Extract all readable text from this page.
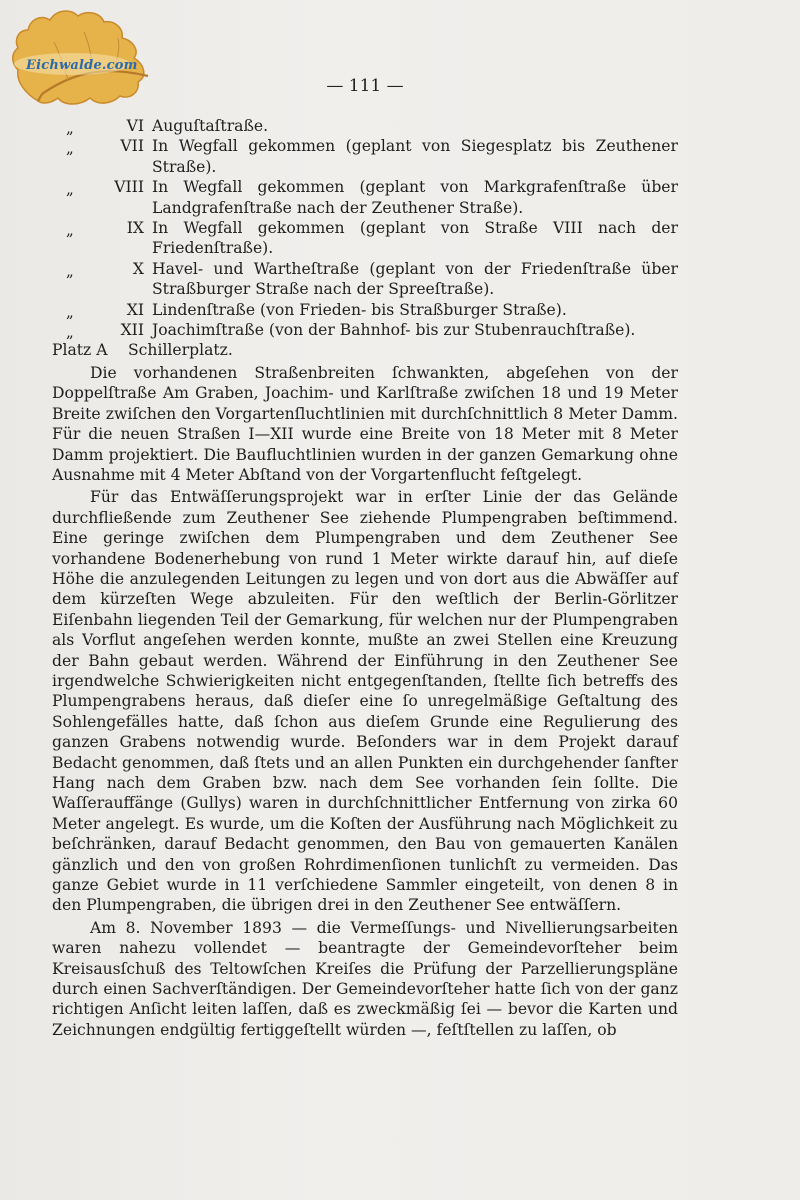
Eichwalde.com
— 111 —
„	VI Auguſtaſtraße.
„	VII In Wegfall gekommen (geplant von Siegesplatz bis Zeuthener Straße).
„	VIII In Wegfall gekommen (geplant von Markgrafenſtraße über Landgrafenſtraße nach der Zeuthener Straße).
„	IX In Wegfall gekommen (geplant von Straße VIII nach der Friedenſtraße).
„	X Havel- und Wartheſtraße (geplant von der Friedenſtraße über Straßburger Straße nach der Spreeſtraße).
„	XI Lindenſtraße (von Frieden- bis Straßburger Straße).
„	XII Joachimſtraße (von der Bahnhof- bis zur Stubenrauchſtraße).
Platz A Schillerplatz.

Die vorhandenen Straßenbreiten ſchwankten, abgeſehen von der Doppelſtraße Am Graben, Joachim- und Karlſtraße zwiſchen 18 und 19 Meter Breite zwiſchen den Vorgartenſluchtlinien mit durchſchnittlich 8 Meter Damm. Für die neuen Straßen I—XII wurde eine Breite von 18 Meter mit 8 Meter Damm projektiert. Die Baufluchtlinien wurden in der ganzen Gemarkung ohne Ausnahme mit 4 Meter Abſtand von der Vorgartenflucht feſtgelegt.

Für das Entwäſſerungsprojekt war in erſter Linie der das Gelände durchfließende zum Zeuthener See ziehende Plumpengraben beſtimmend. Eine geringe zwiſchen dem Plumpengraben und dem Zeuthener See vorhandene Bodenerhebung von rund 1 Meter wirkte darauf hin, auf dieſe Höhe die anzulegenden Leitungen zu legen und von dort aus die Abwäſſer auf dem kürzeſten Wege abzuleiten. Für den weſtlich der Berlin-Görlitzer Eiſenbahn liegenden Teil der Gemarkung, für welchen nur der Plumpengraben als Vorflut angeſehen werden konnte, mußte an zwei Stellen eine Kreuzung der Bahn gebaut werden. Während der Einführung in den Zeuthener See irgendwelche Schwierigkeiten nicht entgegenſtanden, ſtellte ſich betreffs des Plumpengrabens heraus, daß dieſer eine ſo unregelmäßige Geſtaltung des Sohlengefälles hatte, daß ſchon aus dieſem Grunde eine Regulierung des ganzen Grabens notwendig wurde. Beſonders war in dem Projekt darauf Bedacht genommen, daß ſtets und an allen Punkten ein durchgehender ſanfter Hang nach dem Graben bzw. nach dem See vorhanden ſein ſollte. Die Waſſerauffänge (Gullys) waren in durchſchnittlicher Entfernung von zirka 60 Meter angelegt. Es wurde, um die Koſten der Ausführung nach Möglichkeit zu beſchränken, darauf Bedacht genommen, den Bau von gemauerten Kanälen gänzlich und den von großen Rohrdimenſionen tunlichſt zu vermeiden. Das ganze Gebiet wurde in 11 verſchiedene Sammler eingeteilt, von denen 8 in den Plumpengraben, die übrigen drei in den Zeuthener See entwäſſern.

Am 8. November 1893 — die Vermeſſungs- und Nivellierungsarbeiten waren nahezu vollendet — beantragte der Gemeindevorſteher beim Kreisausſchuß des Teltowſchen Kreiſes die Prüfung der Parzellierungspläne durch einen Sachverſtändigen. Der Gemeindevorſteher hatte ſich von der ganz richtigen Anſicht leiten laſſen, daß es zweckmäßig ſei — bevor die Karten und Zeichnungen endgültig fertiggeſtellt würden —, feſtſtellen zu laſſen, ob
